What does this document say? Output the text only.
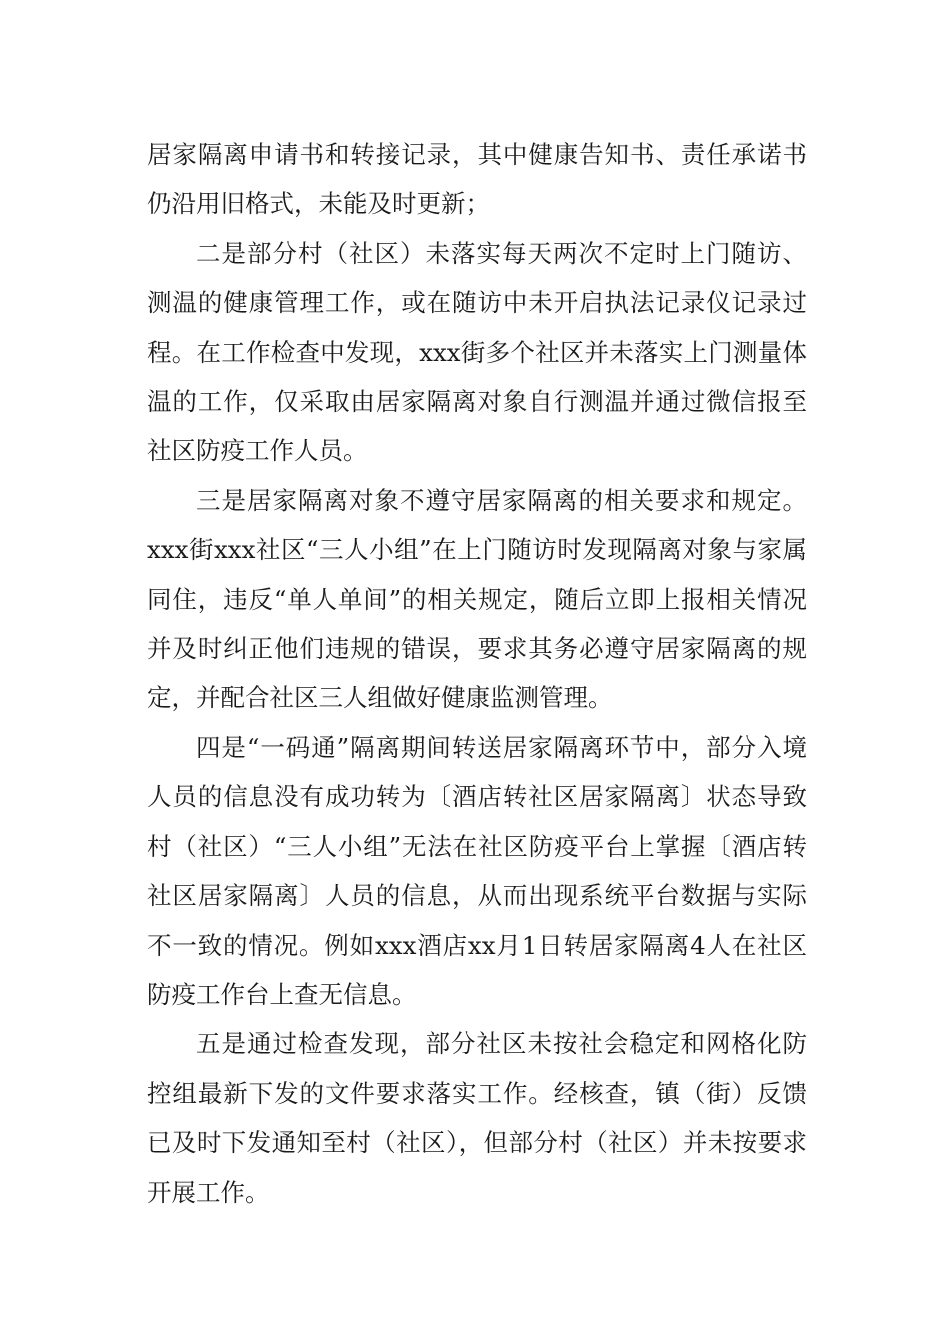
居家隔离申请书和转接记录，其中健康告知书、责任承诺书仍沿用旧格式，未能及时更新；

二是部分村（社区）未落实每天两次不定时上门随访、测温的健康管理工作，或在随访中未开启执法记录仪记录过程。在工作检查中发现，xxx街多个社区并未落实上门测量体温的工作，仅采取由居家隔离对象自行测温并通过微信报至社区防疫工作人员。

三是居家隔离对象不遵守居家隔离的相关要求和规定。xxx街xxx社区“三人小组”在上门随访时发现隔离对象与家属同住，违反“单人单间”的相关规定，随后立即上报相关情况并及时纠正他们违规的错误，要求其务必遵守居家隔离的规定，并配合社区三人组做好健康监测管理。

四是“一码通”隔离期间转送居家隔离环节中，部分入境人员的信息没有成功转为〔酒店转社区居家隔离〕状态导致村（社区）“三人小组”无法在社区防疫平台上掌握〔酒店转社区居家隔离〕人员的信息，从而出现系统平台数据与实际不一致的情况。例如xxx酒店xx月1日转居家隔离4人在社区防疫工作台上查无信息。

五是通过检查发现，部分社区未按社会稳定和网格化防控组最新下发的文件要求落实工作。经核查，镇（街）反馈已及时下发通知至村（社区），但部分村（社区）并未按要求开展工作。
